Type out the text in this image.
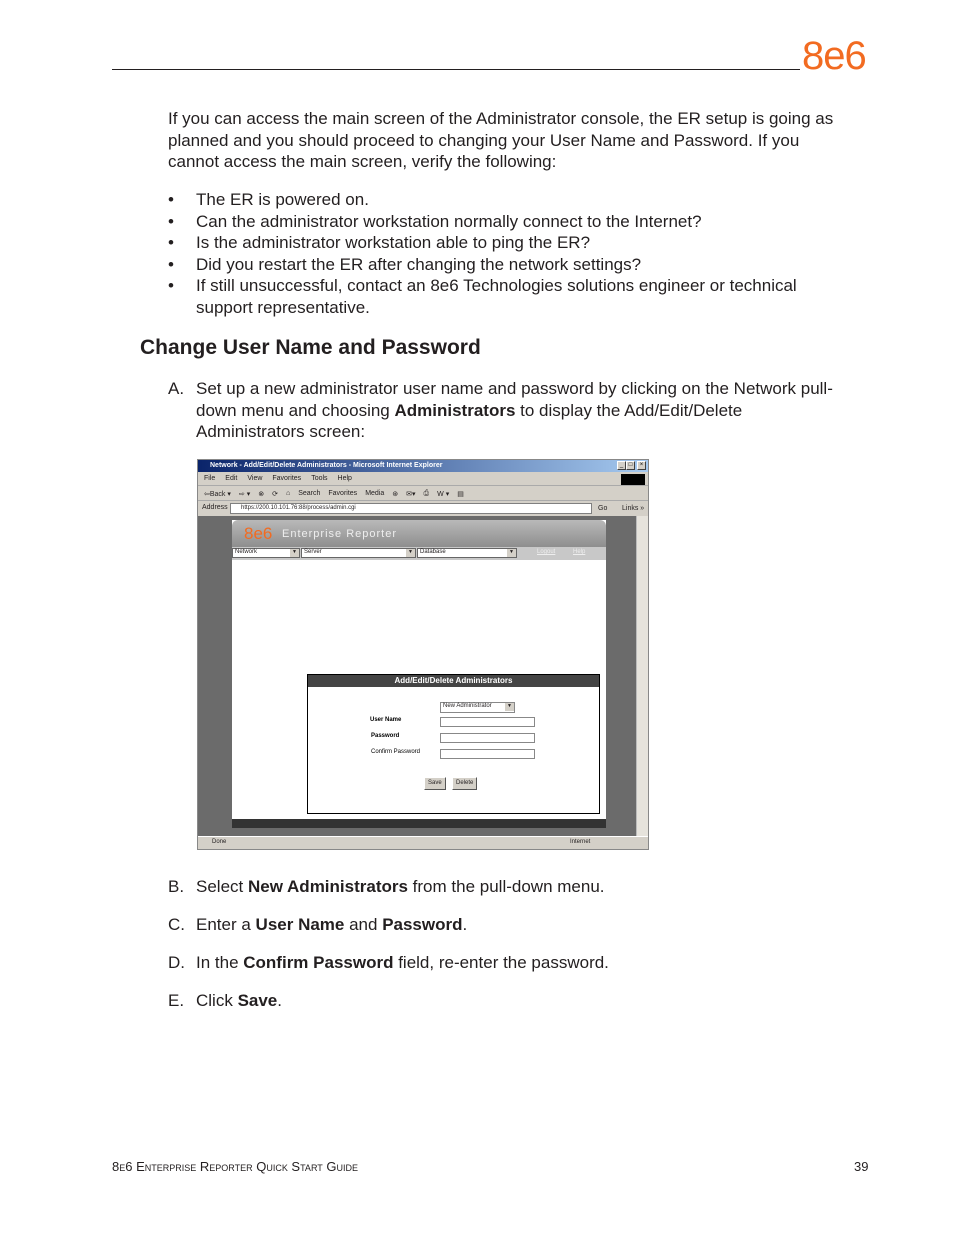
8e6

If you can access the main screen of the Administrator console, the ER setup is going as planned and you should proceed to changing your User Name and Password. If you cannot access the main screen, verify the following:

• The ER is powered on.
• Can the administrator workstation normally connect to the Internet?
• Is the administrator workstation able to ping the ER?
• Did you restart the ER after changing the network settings?
• If still unsuccessful, contact an 8e6 Technologies solutions engineer or technical support representative.
Change User Name and Password
A. Set up a new administrator user name and password by clicking on the Network pull-down menu and choosing Administrators to display the Add/Edit/Delete Administrators screen:
Network - Add/Edit/Delete Administrators - Microsoft Internet Explorer	_ □	×
File Edit View Favorites Tools Help
⇦Back ▾ ⇨ ▾ ⊗ ⟳ ⌂ Search Favorites Media ⊛ ✉▾ ⎙ W ▾ ▤
Address	https://200.10.101.76:88/process/admin.cgi	Go Links »
8e6 Enterprise Reporter
Network	▼	Server	▼	Database	▼	Logout	Help
Add/Edit/Delete Administrators
New Administrator	▼
User Name
Password
Confirm Password
Save	Delete
Done	Internet
B. Select New Administrators from the pull-down menu.
C. Enter a User Name and Password.
D. In the Confirm Password field, re-enter the password.
E. Click Save.
8e6 Enterprise Reporter Quick Start Guide	39
